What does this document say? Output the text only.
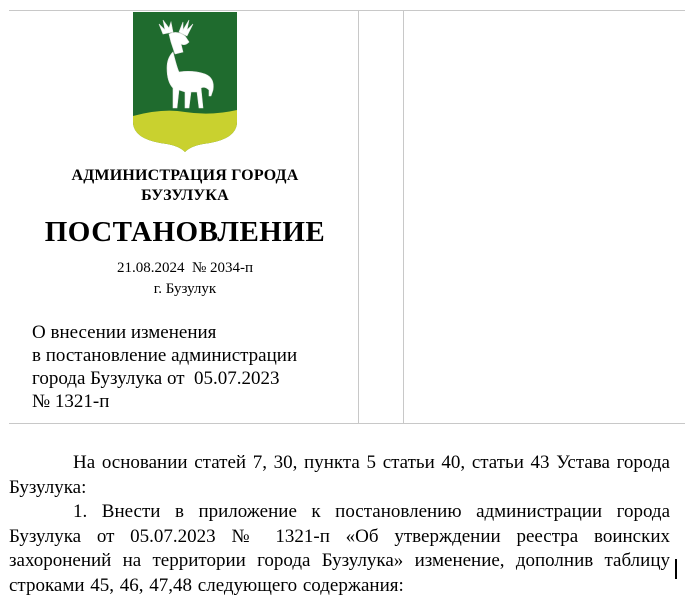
АДМИНИСТРАЦИЯ ГОРОДА
БУЗУЛУКА
ПОСТАНОВЛЕНИЕ
21.08.2024 № 2034-п
г. Бузулук
О внесении изменения
в постановление администрации
города Бузулука от  05.07.2023
№ 1321-п

На основании статей 7, 30, пункта 5 статьи 40, статьи 43 Устава города Бузулука:

1. Внести в приложение к постановлению администрации города Бузулука от 05.07.2023 № 1321-п «Об утверждении реестра воинских захоронений на территории города Бузулука» изменение, дополнив таблицу строками 45, 46, 47,48 следующего содержания:
